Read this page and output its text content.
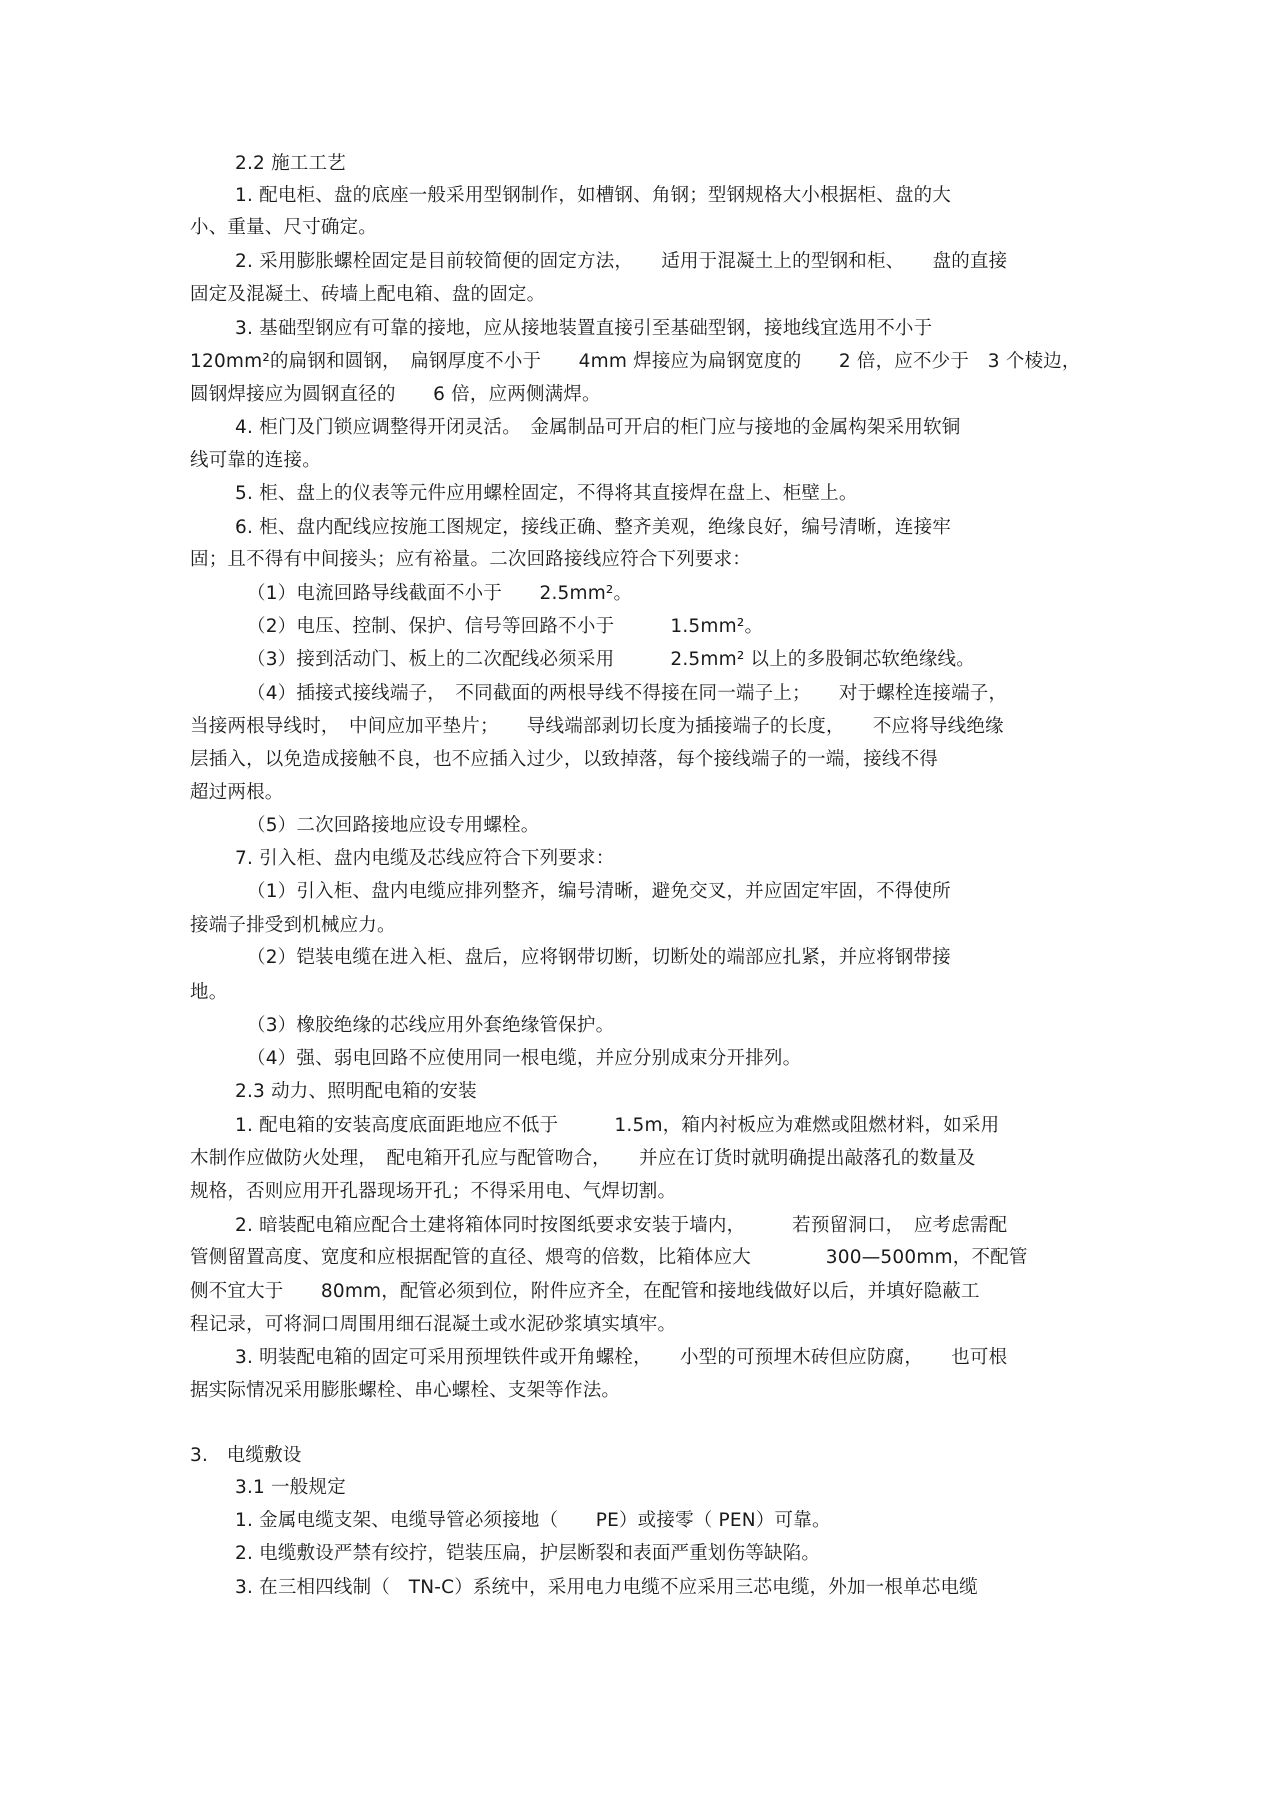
2.2 施工工艺
1. 配电柜、盘的底座一般采用型钢制作，如槽钢、角钢；型钢规格大小根据柜、盘的大
小、重量、尺寸确定。
2. 采用膨胀螺栓固定是目前较简便的固定方法，　　适用于混凝土上的型钢和柜、　　盘的直接
固定及混凝土、砖墙上配电箱、盘的固定。
3. 基础型钢应有可靠的接地，应从接地装置直接引至基础型钢，接地线宜选用不小于
120mm²的扁钢和圆钢，　扁钢厚度不小于　　4mm 焊接应为扁钢宽度的　　2 倍，应不少于　3 个棱边，
圆钢焊接应为圆钢直径的　　6 倍，应两侧满焊。
4. 柜门及门锁应调整得开闭灵活。　金属制品可开启的柜门应与接地的金属构架采用软铜
线可靠的连接。
5. 柜、盘上的仪表等元件应用螺栓固定，不得将其直接焊在盘上、柜壁上。
6. 柜、盘内配线应按施工图规定，接线正确、整齐美观，绝缘良好，编号清晰，连接牢
固；且不得有中间接头；应有裕量。二次回路接线应符合下列要求：
（1）电流回路导线截面不小于　　2.5mm²。
（2）电压、控制、保护、信号等回路不小于　　　1.5mm²。
（3）接到活动门、板上的二次配线必须采用　　　2.5mm² 以上的多股铜芯软绝缘线。
（4）插接式接线端子，　不同截面的两根导线不得接在同一端子上；　　对于螺栓连接端子，
当接两根导线时，　中间应加平垫片；　　导线端部剥切长度为插接端子的长度，　　不应将导线绝缘
层插入，以免造成接触不良，也不应插入过少，以致掉落，每个接线端子的一端，接线不得
超过两根。
（5）二次回路接地应设专用螺栓。
7. 引入柜、盘内电缆及芯线应符合下列要求：
（1）引入柜、盘内电缆应排列整齐，编号清晰，避免交叉，并应固定牢固，不得使所
接端子排受到机械应力。
（2）铠装电缆在进入柜、盘后，应将钢带切断，切断处的端部应扎紧，并应将钢带接
地。
（3）橡胶绝缘的芯线应用外套绝缘管保护。
（4）强、弱电回路不应使用同一根电缆，并应分别成束分开排列。
2.3 动力、照明配电箱的安装
1. 配电箱的安装高度底面距地应不低于　　　1.5m，箱内衬板应为难燃或阻燃材料，如采用
木制作应做防火处理，　配电箱开孔应与配管吻合，　　并应在订货时就明确提出敲落孔的数量及
规格，否则应用开孔器现场开孔；不得采用电、气焊切割。
2. 暗装配电箱应配合土建将箱体同时按图纸要求安装于墙内，　　　若预留洞口，　应考虑需配
管侧留置高度、宽度和应根据配管的直径、煨弯的倍数，比箱体应大　　　　300—500mm，不配管
侧不宜大于　　80mm，配管必须到位，附件应齐全，在配管和接地线做好以后，并填好隐蔽工
程记录，可将洞口周围用细石混凝土或水泥砂浆填实填牢。
3. 明装配电箱的固定可采用预埋铁件或开角螺栓，　　小型的可预埋木砖但应防腐，　　也可根
据实际情况采用膨胀螺栓、串心螺栓、支架等作法。
3.　电缆敷设
3.1 一般规定
1. 金属电缆支架、电缆导管必须接地（　　PE）或接零（ PEN）可靠。
2. 电缆敷设严禁有绞拧，铠装压扁，护层断裂和表面严重划伤等缺陷。
3. 在三相四线制（　TN-C）系统中，采用电力电缆不应采用三芯电缆，外加一根单芯电缆
